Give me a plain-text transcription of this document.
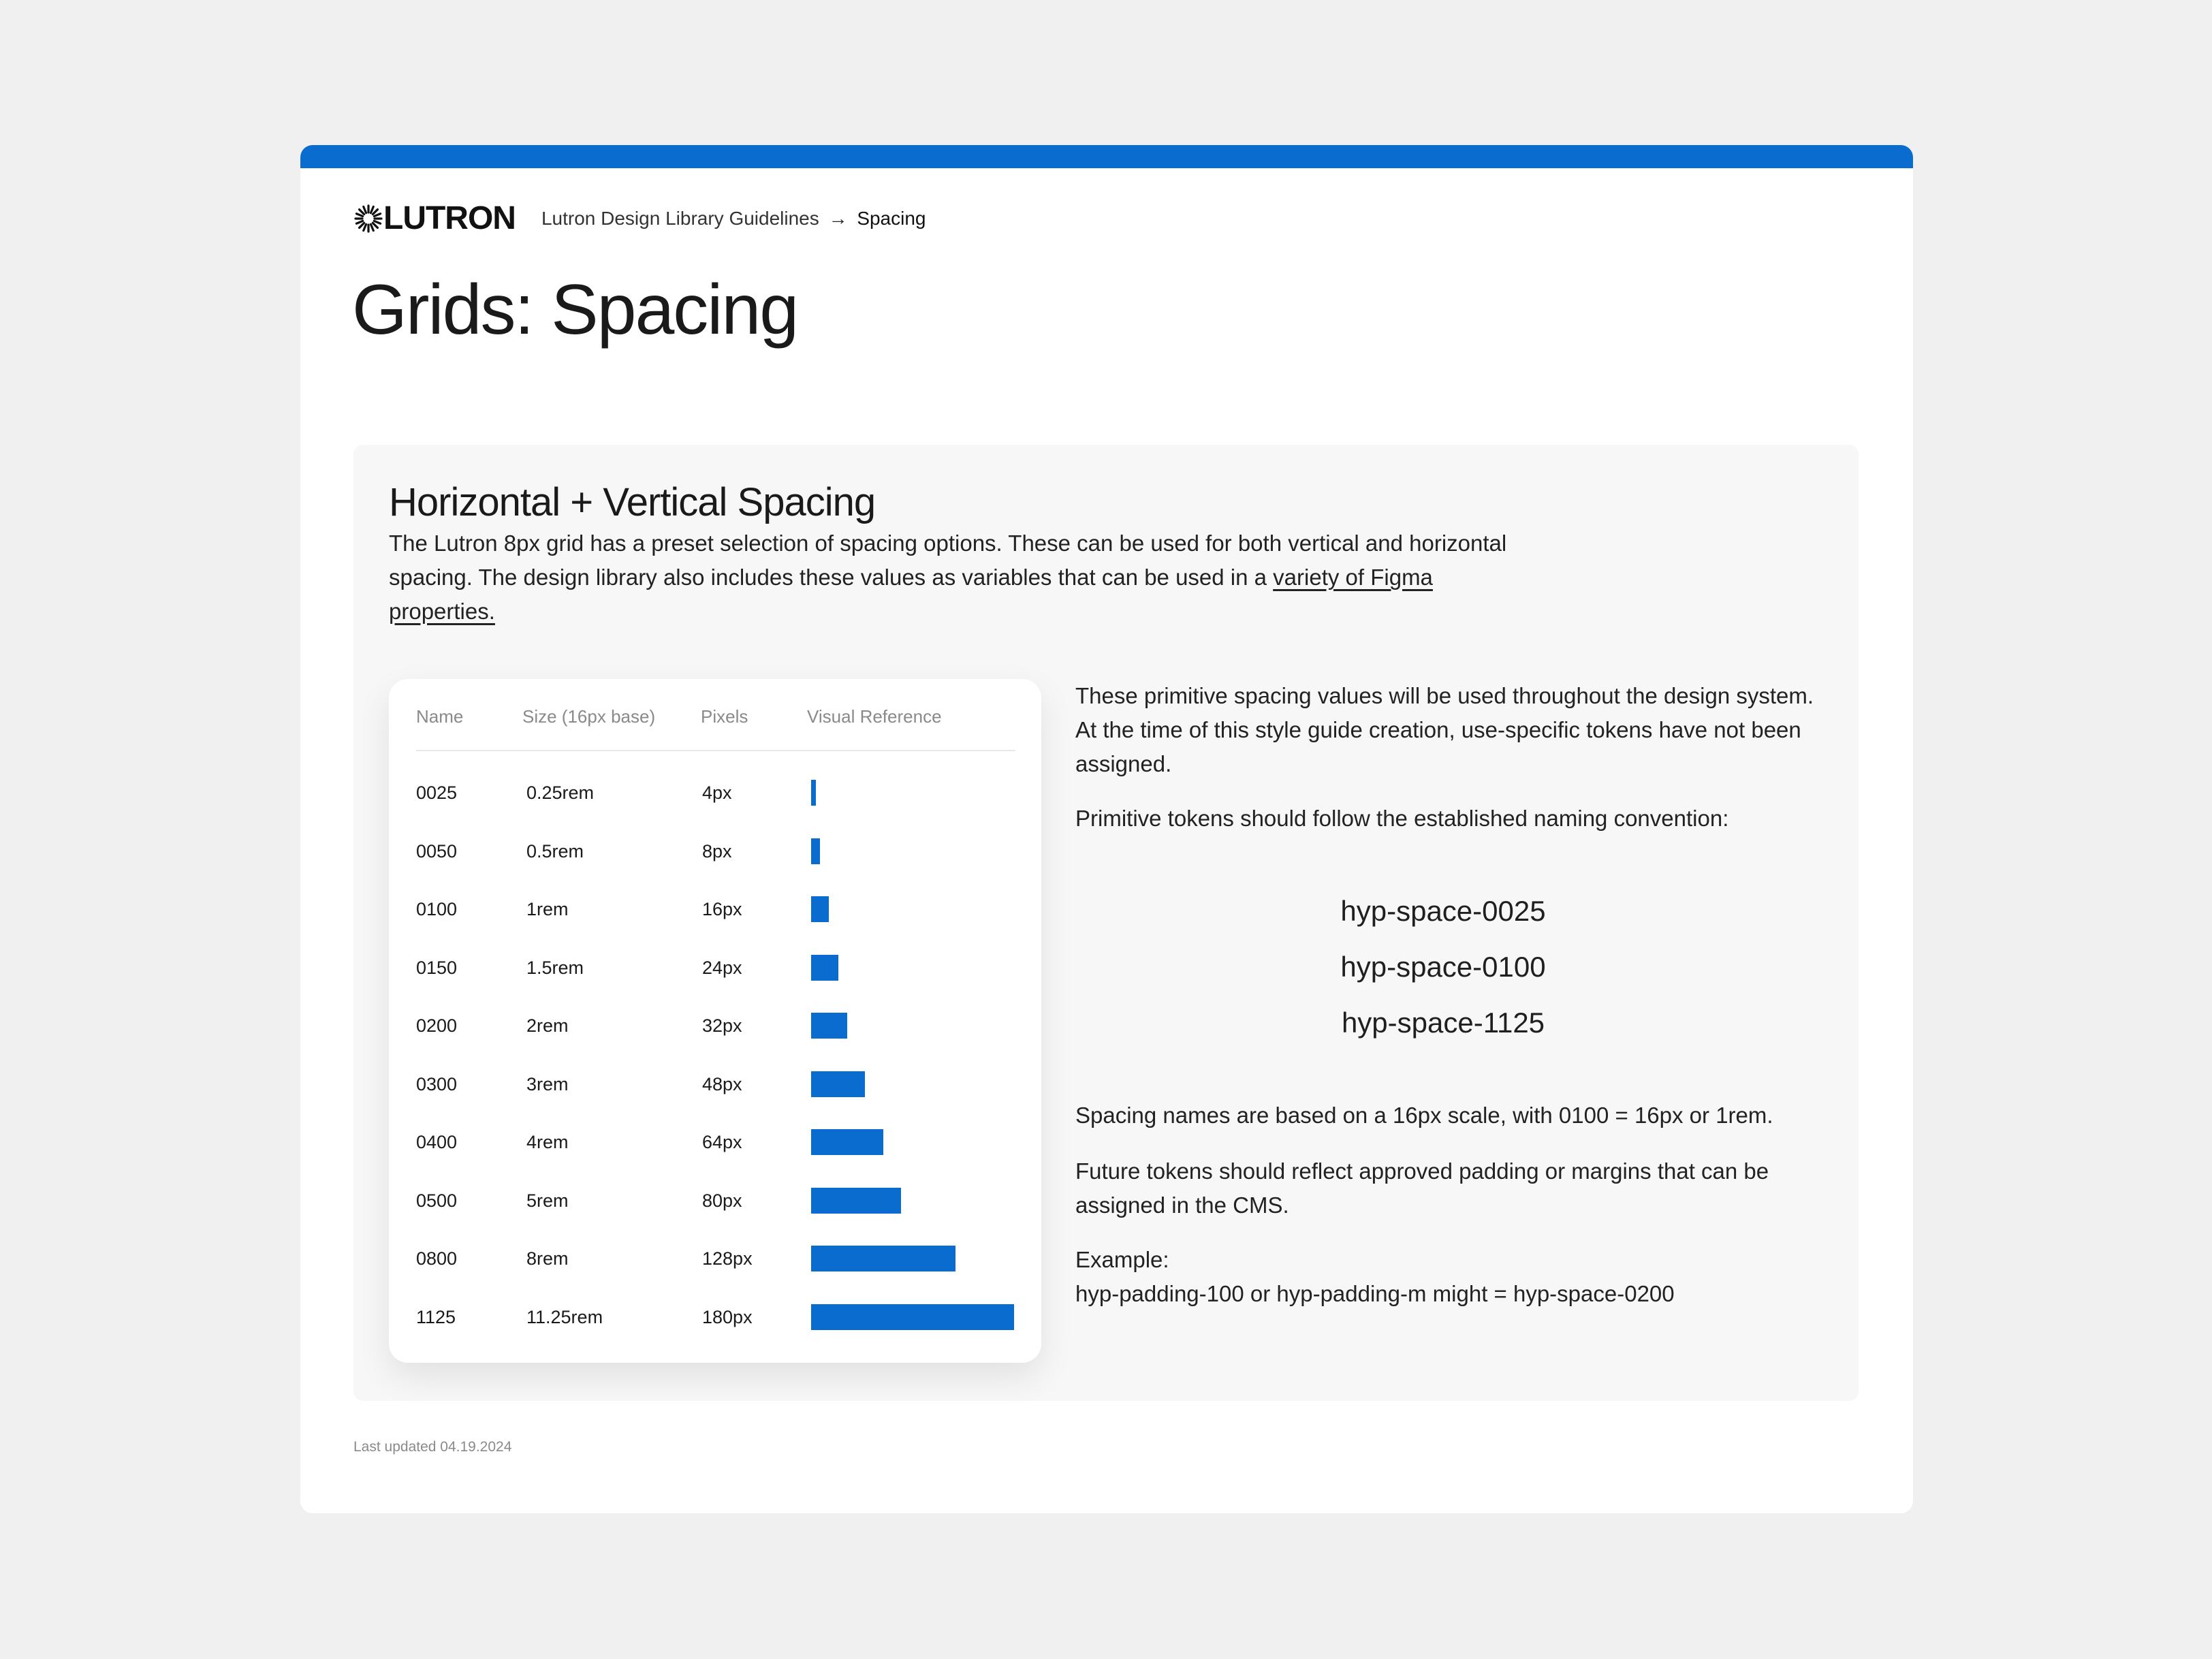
LUTRON Lutron Design Library Guidelines → Spacing
Grids: Spacing
Horizontal + Vertical Spacing

The Lutron 8px grid has a preset selection of spacing options. These can be used for both vertical and horizontal spacing. The design library also includes these values as variables that can be used in a variety of Figma properties.

Name	Size (16px base)	Pixels	Visual Reference
0025	0.25rem	4px
0050	0.5rem	8px
0100	1rem	16px
0150	1.5rem	24px
0200	2rem	32px
0300	3rem	48px
0400	4rem	64px
0500	5rem	80px
0800	8rem	128px
1125	11.25rem	180px

These primitive spacing values will be used throughout the design system. At the time of this style guide creation, use-specific tokens have not been assigned.

Primitive tokens should follow the established naming convention:

hyp-space-0025
hyp-space-0100
hyp-space-1125

Spacing names are based on a 16px scale, with 0100 = 16px or 1rem.

Future tokens should reflect approved padding or margins that can be assigned in the CMS.

Example:
hyp-padding-100 or hyp-padding-m might = hyp-space-0200
Last updated 04.19.2024
